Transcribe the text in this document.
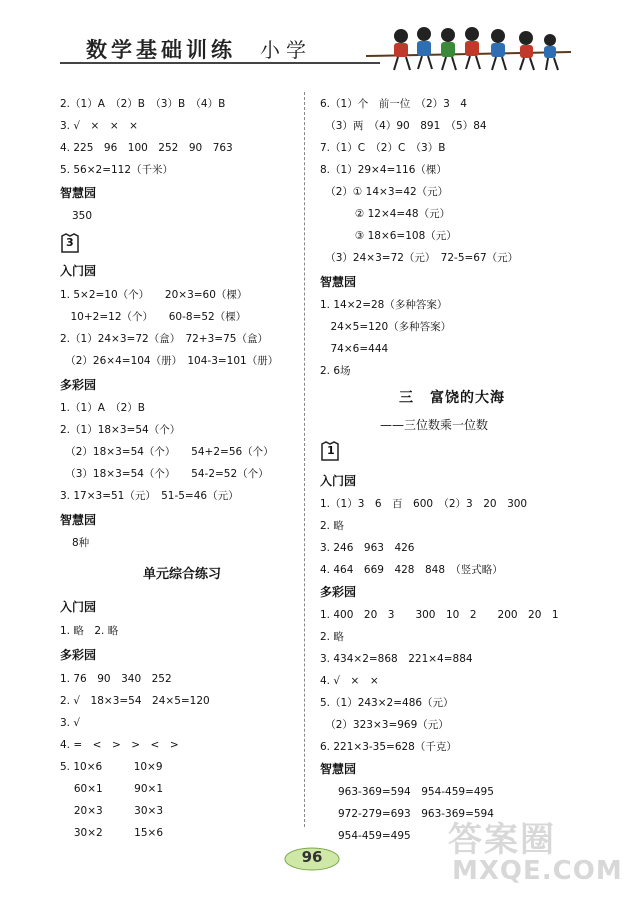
数学基础训练 小学
2.（1）A　（2）B　（3）B　（4）B
3. √　×　×　×
4. 225　96　100　252　90　763
5. 56×2=112（千米）
智慧园
350
3
入门园
1. 5×2=10（个）　　20×3=60（棵）
　10+2=12（个）　　60-8=52（棵）
2.（1）24×3=72（盒）　72+3=75（盒）
　（2）26×4=104（册）　104-3=101（册）
多彩园
1.（1）A　（2）B
2.（1）18×3=54（个）
　（2）18×3=54（个）　　54+2=56（个）
　（3）18×3=54（个）　　54-2=52（个）
3. 17×3=51（元）　51-5=46（元）
智慧园
8种
单元综合练习
入门园
1. 略　2. 略
多彩园
1. 76　90　340　252
2. √　18×3=54　24×5=120
3. √
4. =　<　>　>　<　>
5. 10×6　　　10×9
　 60×1　　　90×1
　 20×3　　　30×3
　 30×2　　　15×6
6.（1）个　前一位　（2）3　4
　（3）两　（4）90　891　（5）84
7.（1）C　（2）C　（3）B
8.（1）29×4=116（棵）
　（2）① 14×3=42（元）
　　　 ② 12×4=48（元）
　　　 ③ 18×6=108（元）
　（3）24×3=72（元）　72-5=67（元）
智慧园
1. 14×2=28（多种答案）
　24×5=120（多种答案）
　74×6=444
2. 6场
三 富饶的大海
——三位数乘一位数
1
入门园
1.（1）3　6　百　600　（2）3　20　300
2. 略
3. 246　963　426
4. 464　669　428　848　（竖式略）
多彩园
1. 400　20　3　　300　10　2　　200　20　1
2. 略
3. 434×2=868　221×4=884
4. √　×　×
5.（1）243×2=486（元）
　（2）323×3=969（元）
6. 221×3-35=628（千克）
智慧园
963-369=594　954-459=495
972-279=693　963-369=594
954-459=495 答案圈
MXQE.COM
96
